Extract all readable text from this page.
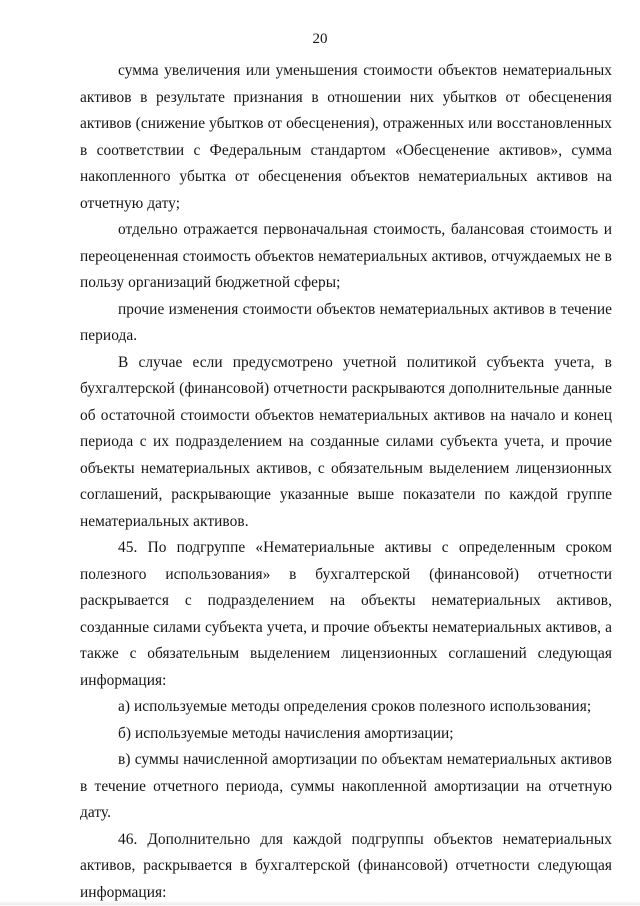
20

сумма увеличения или уменьшения стоимости объектов нематериальных активов в результате признания в отношении них убытков от обесценения активов (снижение убытков от обесценения), отраженных или восстановленных в соответствии с Федеральным стандартом «Обесценение активов», сумма накопленного убытка от обесценения объектов нематериальных активов на отчетную дату;

отдельно отражается первоначальная стоимость, балансовая стоимость и переоцененная стоимость объектов нематериальных активов, отчуждаемых не в пользу организаций бюджетной сферы;

прочие изменения стоимости объектов нематериальных активов в течение периода.

В случае если предусмотрено учетной политикой субъекта учета, в бухгалтерской (финансовой) отчетности раскрываются дополнительные данные об остаточной стоимости объектов нематериальных активов на начало и конец периода с их подразделением на созданные силами субъекта учета, и прочие объекты нематериальных активов, с обязательным выделением лицензионных соглашений, раскрывающие указанные выше показатели по каждой группе нематериальных активов.

45. По подгруппе «Нематериальные активы с определенным сроком полезного использования» в бухгалтерской (финансовой) отчетности раскрывается с подразделением на объекты нематериальных активов, созданные силами субъекта учета, и прочие объекты нематериальных активов, а также с обязательным выделением лицензионных соглашений следующая информация:

а) используемые методы определения сроков полезного использования;

б) используемые методы начисления амортизации;

в) суммы начисленной амортизации по объектам нематериальных активов в течение отчетного периода, суммы накопленной амортизации на отчетную дату.

46. Дополнительно для каждой подгруппы объектов нематериальных активов, раскрывается в бухгалтерской (финансовой) отчетности следующая информация:
